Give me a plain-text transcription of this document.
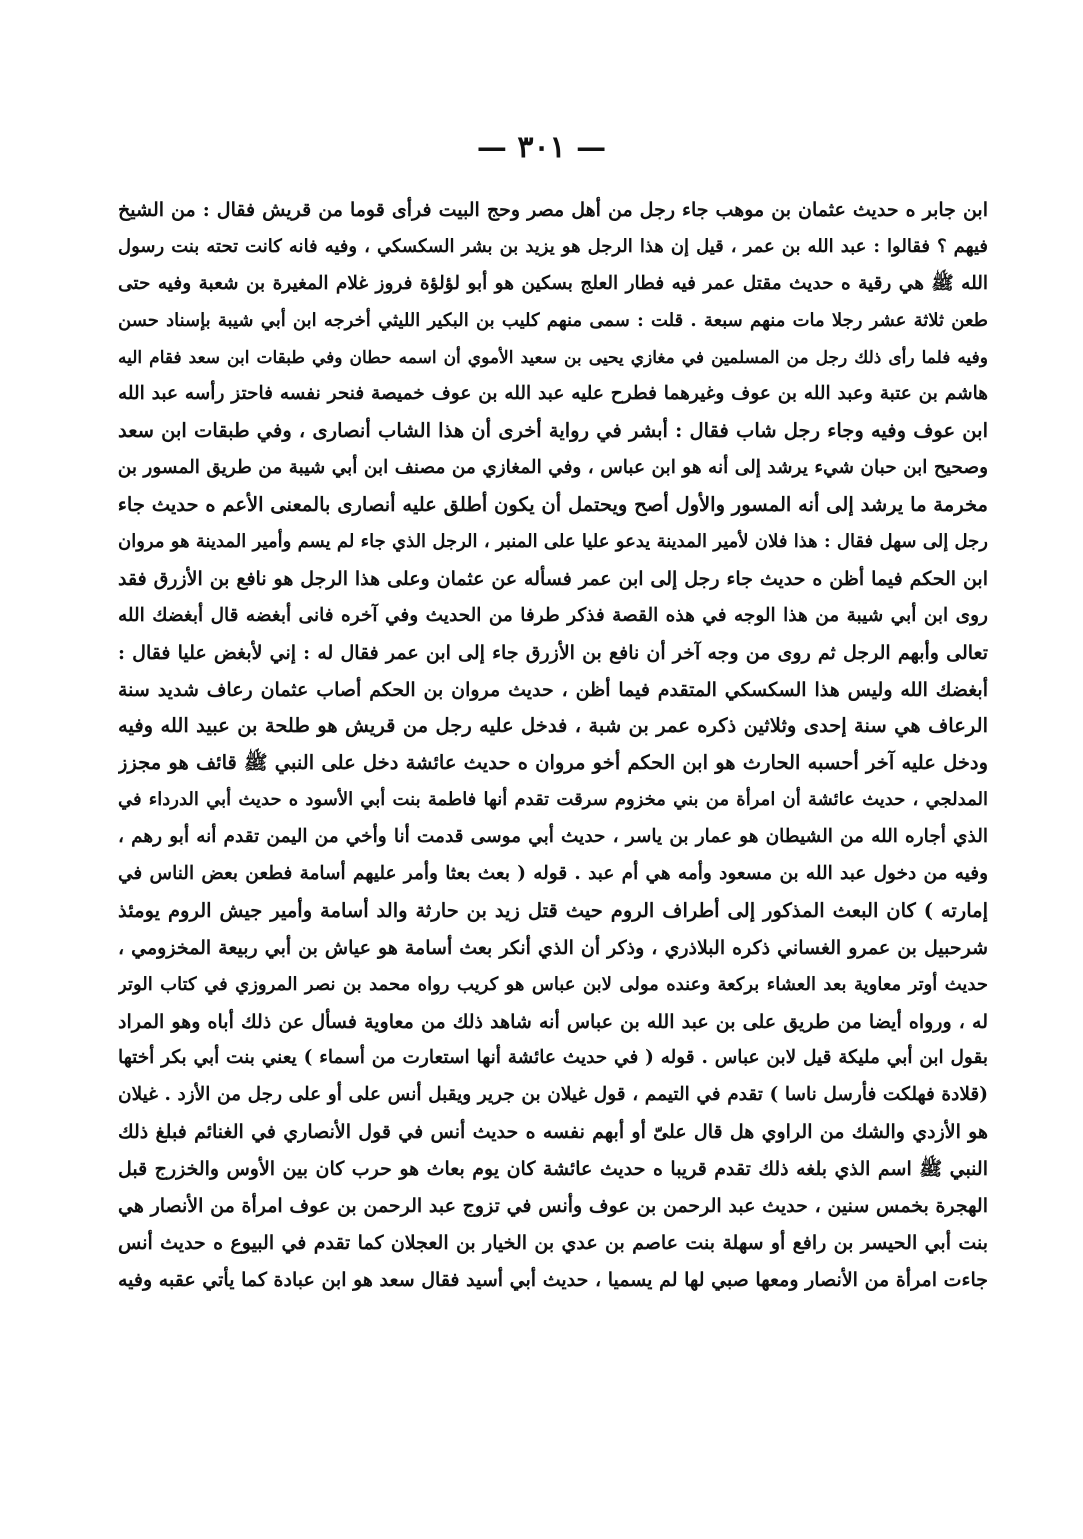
— ٣٠١ —
ابن جابر ه حديث عثمان بن موهب جاء رجل من أهل مصر وحج البيت فرأى قوما من قريش فقال : من الشيخ
فيهم ؟ فقالوا : عبد الله بن عمر ، قيل إن هذا الرجل هو يزيد بن بشر السكسكي ، وفيه فانه كانت تحته بنت رسول
الله ﷺ هي رقية ه حديث مقتل عمر فيه فطار العلج بسكين هو أبو لؤلؤة فروز غلام المغيرة بن شعبة وفيه حتى
طعن ثلاثة عشر رجلا مات منهم سبعة . قلت : سمى منهم كليب بن البكير الليثي أخرجه ابن أبي شيبة بإسناد حسن
وفيه فلما رأى ذلك رجل من المسلمين في مغازي يحيى بن سعيد الأموي أن اسمه حطان وفي طبقات ابن سعد فقام اليه
هاشم بن عتبة وعبد الله بن عوف وغيرهما فطرح عليه عبد الله بن عوف خميصة فنحر نفسه فاحتز رأسه عبد الله
ابن عوف وفيه وجاء رجل شاب فقال : أبشر في رواية أخرى أن هذا الشاب أنصارى ، وفي طبقات ابن سعد
وصحيح ابن حبان شيء يرشد إلى أنه هو ابن عباس ، وفي المغازي من مصنف ابن أبي شيبة من طريق المسور بن
مخرمة ما يرشد إلى أنه المسور والأول أصح ويحتمل أن يكون أطلق عليه أنصارى بالمعنى الأعم ه حديث جاء
رجل إلى سهل فقال : هذا فلان لأمير المدينة يدعو عليا على المنبر ، الرجل الذي جاء لم يسم وأمير المدينة هو مروان
ابن الحكم فيما أظن ه حديث جاء رجل إلى ابن عمر فسأله عن عثمان وعلى هذا الرجل هو نافع بن الأزرق فقد
روى ابن أبي شيبة من هذا الوجه في هذه القصة فذكر طرفا من الحديث وفي آخره فانى أبغضه قال أبغضك الله
تعالى وأبهم الرجل ثم روى من وجه آخر أن نافع بن الأزرق جاء إلى ابن عمر فقال له : إني لأبغض عليا فقال :
أبغضك الله وليس هذا السكسكي المتقدم فيما أظن ، حديث مروان بن الحكم أصاب عثمان رعاف شديد سنة
الرعاف هي سنة إحدى وثلاثين ذكره عمر بن شبة ، فدخل عليه رجل من قريش هو طلحة بن عبيد الله وفيه
ودخل عليه آخر أحسبه الحارث هو ابن الحكم أخو مروان ه حديث عائشة دخل على النبي ﷺ قائف هو مجزز
المدلجي ، حديث عائشة أن امرأة من بني مخزوم سرقت تقدم أنها فاطمة بنت أبي الأسود ه حديث أبي الدرداء في
الذي أجاره الله من الشيطان هو عمار بن ياسر ، حديث أبي موسى قدمت أنا وأخي من اليمن تقدم أنه أبو رهم ،
وفيه من دخول عبد الله بن مسعود وأمه هي أم عبد . قوله ( بعث بعثا وأمر عليهم أسامة فطعن بعض الناس في
إمارته ) كان البعث المذكور إلى أطراف الروم حيث قتل زيد بن حارثة والد أسامة وأمير جيش الروم يومئذ
شرحبيل بن عمرو الغساني ذكره البلاذري ، وذكر أن الذي أنكر بعث أسامة هو عياش بن أبي ربيعة المخزومي ،
حديث أوتر معاوية بعد العشاء بركعة وعنده مولى لابن عباس هو كريب رواه محمد بن نصر المروزي في كتاب الوتر
له ، ورواه أيضا من طريق على بن عبد الله بن عباس أنه شاهد ذلك من معاوية فسأل عن ذلك أباه وهو المراد
بقول ابن أبي مليكة قيل لابن عباس . قوله ( في حديث عائشة أنها استعارت من أسماء ) يعني بنت أبي بكر أختها
(قلادة فهلكت فأرسل ناسا ) تقدم في التيمم ، قول غيلان بن جرير ويقبل أنس على أو على رجل من الأزد . غيلان
هو الأزدي والشك من الراوي هل قال علىّ أو أبهم نفسه ه حديث أنس في قول الأنصاري في الغنائم فبلغ ذلك
النبي ﷺ اسم الذي بلغه ذلك تقدم قريبا ه حديث عائشة كان يوم بعاث هو حرب كان بين الأوس والخزرج قبل
الهجرة بخمس سنين ، حديث عبد الرحمن بن عوف وأنس في تزوج عبد الرحمن بن عوف امرأة من الأنصار هي
بنت أبي الحيسر بن رافع أو سهلة بنت عاصم بن عدي بن الخيار بن العجلان كما تقدم في البيوع ه حديث أنس
جاءت امرأة من الأنصار ومعها صبي لها لم يسميا ، حديث أبي أسيد فقال سعد هو ابن عبادة كما يأتي عقبه وفيه
